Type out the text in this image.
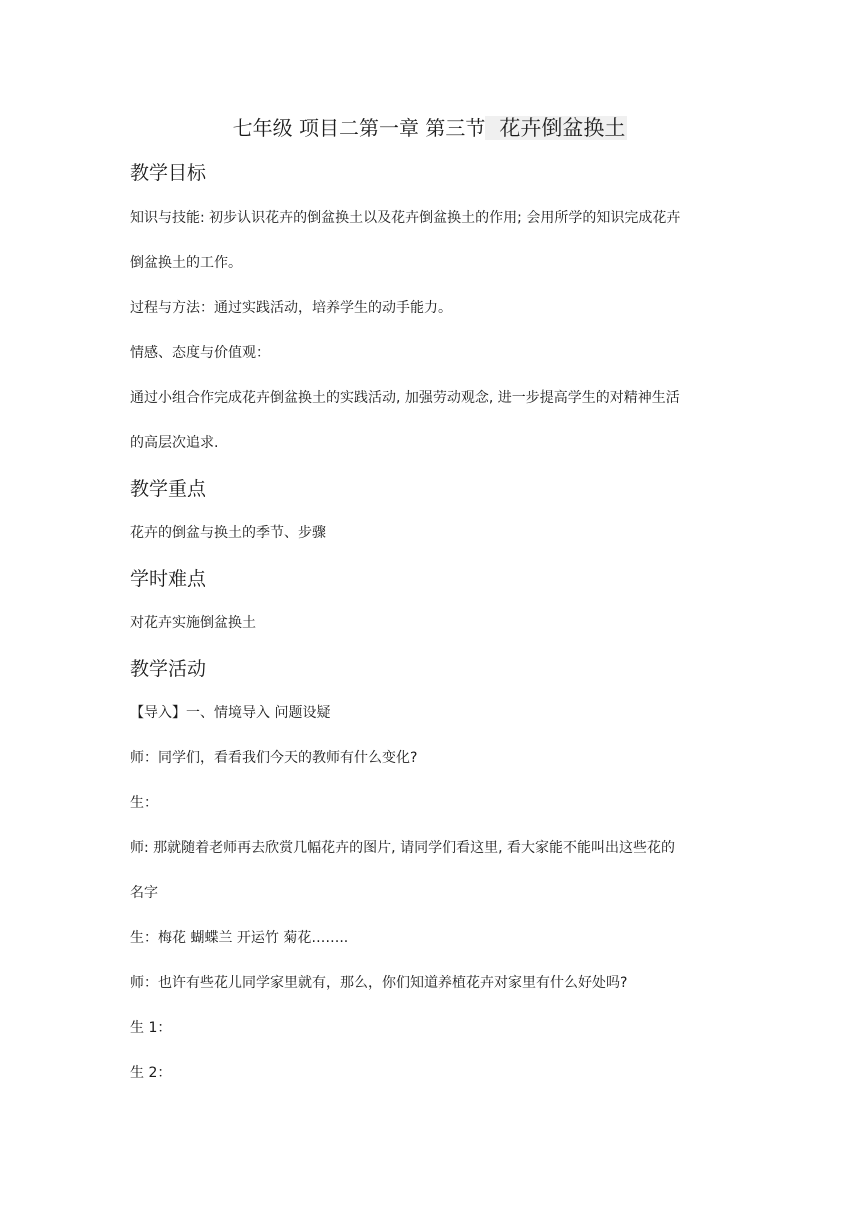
七年级 项目二第一章 第三节 花卉倒盆换土
教学目标
知识与技能: 初步认识花卉的倒盆换土以及花卉倒盆换土的作用; 会用所学的知识完成花卉
倒盆换土的工作。
过程与方法：通过实践活动，培养学生的动手能力。
情感、态度与价值观：
通过小组合作完成花卉倒盆换土的实践活动, 加强劳动观念, 进一步提高学生的对精神生活
的高层次追求.
教学重点
花卉的倒盆与换土的季节、步骤
学时难点
对花卉实施倒盆换土
教学活动
【导入】一、情境导入 问题设疑
师：同学们，看看我们今天的教师有什么变化?
生：
师: 那就随着老师再去欣赏几幅花卉的图片, 请同学们看这里, 看大家能不能叫出这些花的
名字
生：梅花 蝴蝶兰 开运竹 菊花……..
师：也许有些花儿同学家里就有，那么，你们知道养植花卉对家里有什么好处吗?
生 1：
生 2：
